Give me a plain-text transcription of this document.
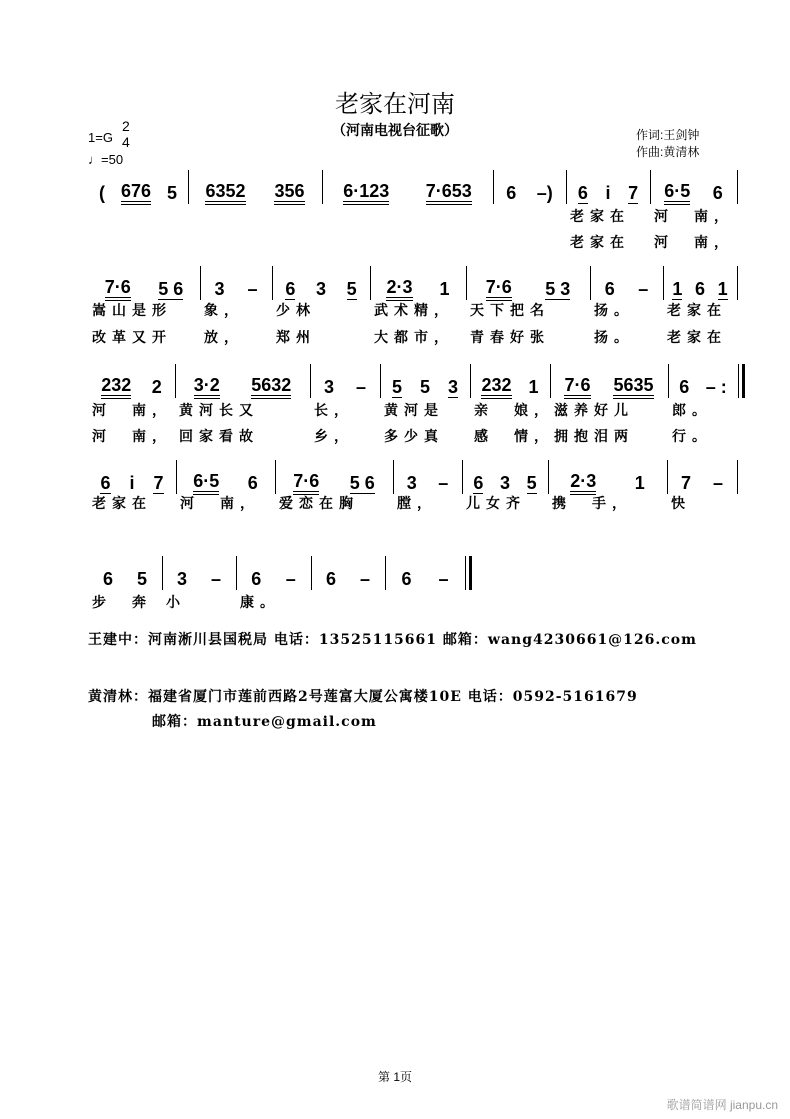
老家在河南
（河南电视台征歌）
1=G
2
4
♩=50
作词:王剑钟
作曲:黄清林
( 676 5 6352 356 6·123 7·653 6 –) 6 i 7
老家在
老家在
6·5 6
河　南，
河　南，
7·6 5 6
嵩山是形
改革又开
3 –
象，
放，
6 3 5
少林
郑州
2·3 1
武术精，
大都市，
7·6 5 3
天下把名
青春好张
6 –
扬。
扬。
1 6 1
老家在
老家在
232 2
河　南，
河　南，
3·2 5632
黄河长又
回家看故
3 –
长，
乡，
5 5 3
黄河是
多少真
232 1
亲　娘，
感　情，
7·6 5635
滋养好儿
拥抱泪两
6 – :
郎。
行。
6 i 7
老家在
6·5 6
河　南，
7·6 5 6
爱恋在胸
3 –
膛，
6 3 5
儿女齐
2·3 1
携　手，
7 –
快
6 5
步　奔
3 –
小
6 –
康。
6 – 6 –
王建中：河南淅川县国税局 电话：13525115661 邮箱：wang4230661@126.com
黄清林：福建省厦门市莲前西路2号莲富大厦公寓楼10E 电话：0592-5161679
邮箱：manture@gmail.com
第 1页
歌谱简谱网 jianpu.cn
